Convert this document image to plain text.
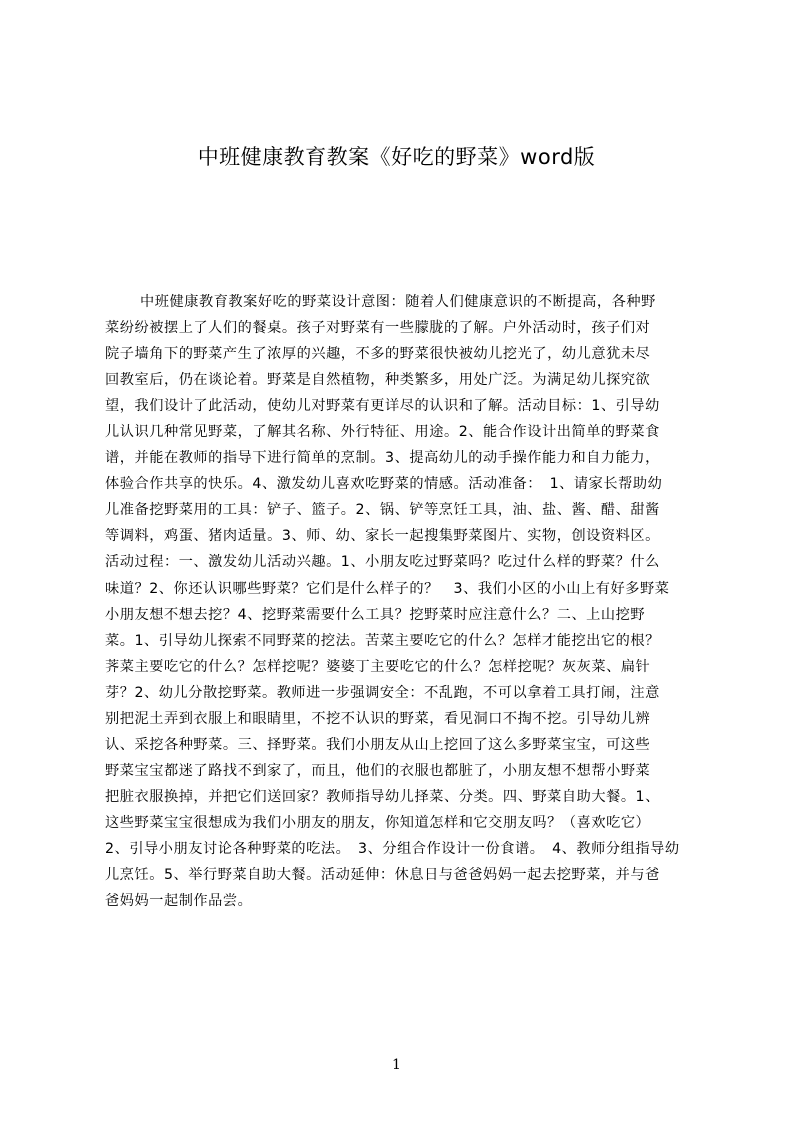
中班健康教育教案《好吃的野菜》word版
中班健康教育教案好吃的野菜设计意图：随着人们健康意识的不断提高，各种野
菜纷纷被摆上了人们的餐桌。孩子对野菜有一些朦胧的了解。户外活动时，孩子们对
院子墙角下的野菜产生了浓厚的兴趣，不多的野菜很快被幼儿挖光了，幼儿意犹未尽
回教室后，仍在谈论着。野菜是自然植物，种类繁多，用处广泛。为满足幼儿探究欲
望，我们设计了此活动，使幼儿对野菜有更详尽的认识和了解。活动目标：1、引导幼
儿认识几种常见野菜，了解其名称、外行特征、用途。2、能合作设计出简单的野菜食
谱，并能在教师的指导下进行简单的烹制。3、提高幼儿的动手操作能力和自力能力，
体验合作共享的快乐。4、激发幼儿喜欢吃野菜的情感。活动准备：　1、请家长帮助幼
儿准备挖野菜用的工具：铲子、篮子。2、锅、铲等烹饪工具，油、盐、酱、醋、甜酱
等调料，鸡蛋、猪肉适量。3、师、幼、家长一起搜集野菜图片、实物，创设资料区。
活动过程：一、激发幼儿活动兴趣。1、小朋友吃过野菜吗？吃过什么样的野菜？什么
味道？2、你还认识哪些野菜？它们是什么样子的？　3、我们小区的小山上有好多野菜
小朋友想不想去挖？4、挖野菜需要什么工具？挖野菜时应注意什么？二、上山挖野
菜。1、引导幼儿探索不同野菜的挖法。苦菜主要吃它的什么？怎样才能挖出它的根？
荠菜主要吃它的什么？怎样挖呢？婆婆丁主要吃它的什么？怎样挖呢？灰灰菜、扁针
芽？2、幼儿分散挖野菜。教师进一步强调安全：不乱跑，不可以拿着工具打闹，注意
别把泥土弄到衣服上和眼睛里，不挖不认识的野菜，看见洞口不掏不挖。引导幼儿辨
认、采挖各种野菜。三、择野菜。我们小朋友从山上挖回了这么多野菜宝宝，可这些
野菜宝宝都迷了路找不到家了，而且，他们的衣服也都脏了，小朋友想不想帮小野菜
把脏衣服换掉，并把它们送回家？教师指导幼儿择菜、分类。四、野菜自助大餐。1、
这些野菜宝宝很想成为我们小朋友的朋友，你知道怎样和它交朋友吗？（喜欢吃它）
2、引导小朋友讨论各种野菜的吃法。　3、分组合作设计一份食谱。　4、教师分组指导幼
儿烹饪。5、举行野菜自助大餐。活动延伸：休息日与爸爸妈妈一起去挖野菜，并与爸
爸妈妈一起制作品尝。
1
